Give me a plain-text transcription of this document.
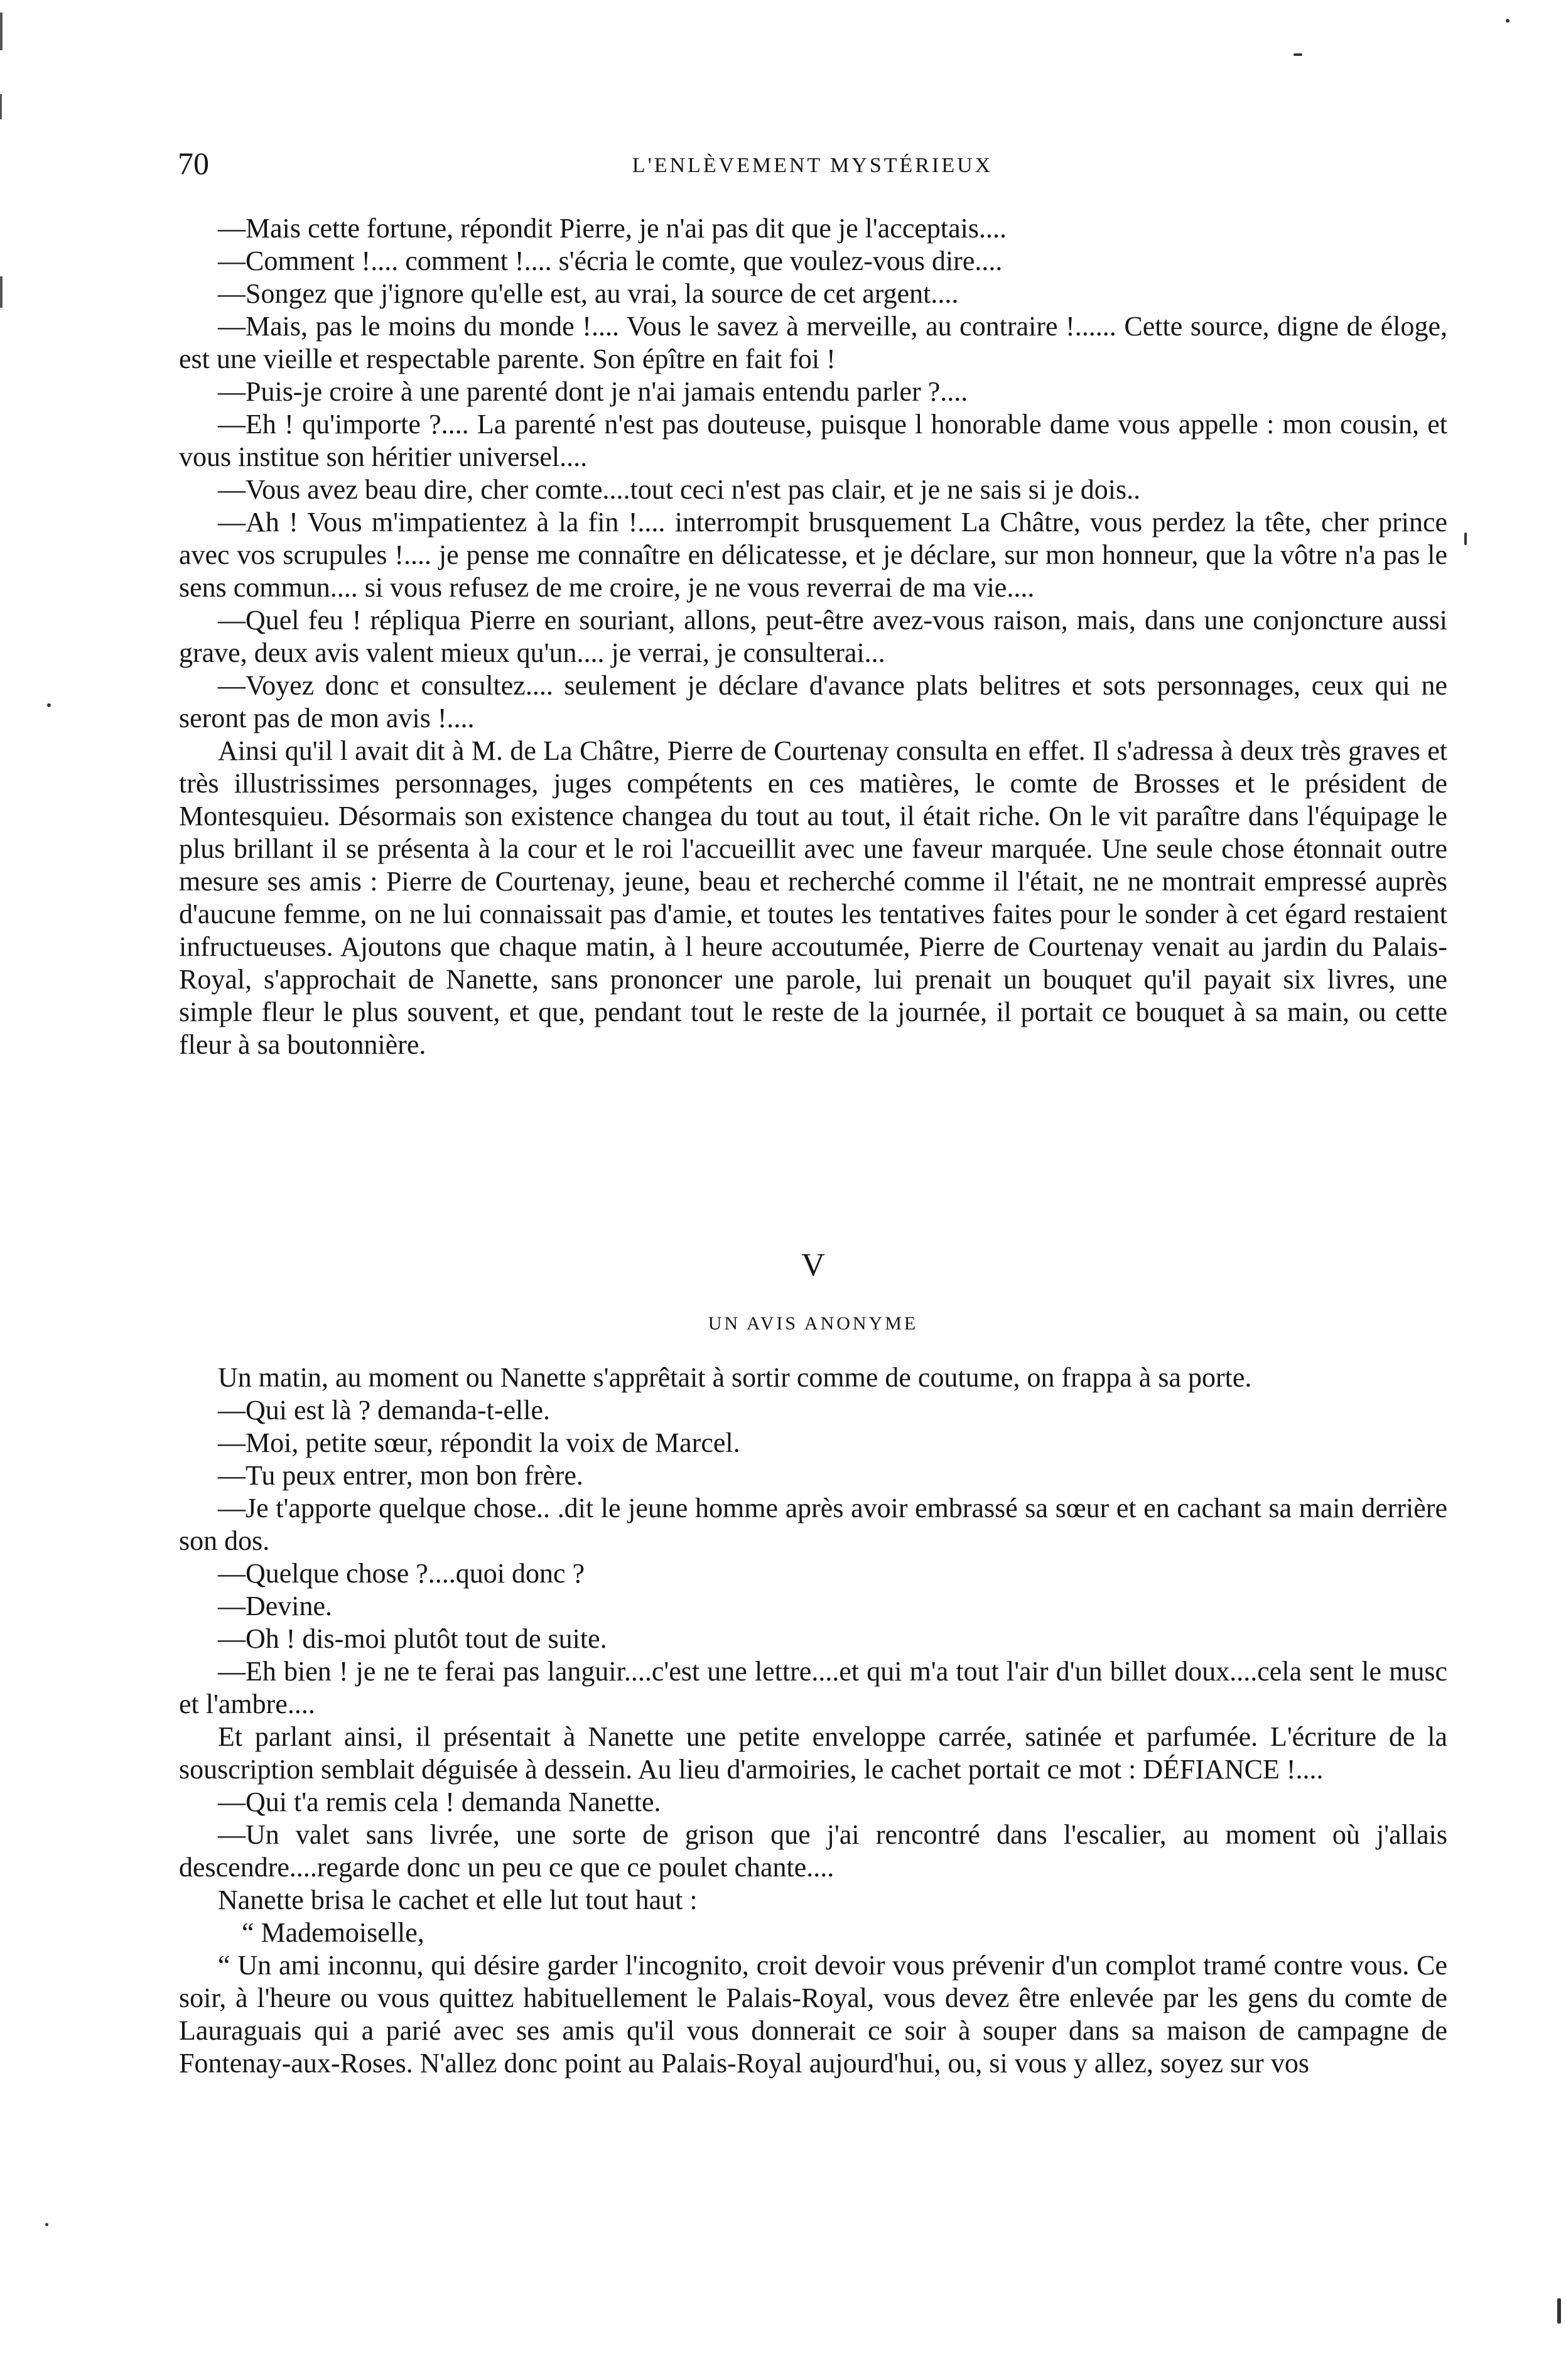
70	L'ENLÈVEMENT MYSTÉRIEUX

—Mais cette fortune, répondit Pierre, je n'ai pas dit que je l'acceptais....

—Comment !.... comment !.... s'écria le comte, que voulez-vous dire....

—Songez que j'ignore qu'elle est, au vrai, la source de cet argent....

—Mais, pas le moins du monde !.... Vous le savez à merveille, au contraire !...... Cette source, digne de éloge, est une vieille et respectable parente. Son épître en fait foi !

—Puis-je croire à une parenté dont je n'ai jamais entendu parler ?....

—Eh ! qu'importe ?.... La parenté n'est pas douteuse, puisque l honorable dame vous appelle : mon cousin, et vous institue son héritier universel....

—Vous avez beau dire, cher comte....tout ceci n'est pas clair, et je ne sais si je dois..

—Ah ! Vous m'impatientez à la fin !.... interrompit brusquement La Châtre, vous perdez la tête, cher prince avec vos scrupules !.... je pense me connaître en délicatesse, et je déclare, sur mon honneur, que la vôtre n'a pas le sens commun.... si vous refusez de me croire, je ne vous reverrai de ma vie....

—Quel feu ! répliqua Pierre en souriant, allons, peut-être avez-vous raison, mais, dans une conjoncture aussi grave, deux avis valent mieux qu'un.... je verrai, je consulterai...

—Voyez donc et consultez.... seulement je déclare d'avance plats belitres et sots personnages, ceux qui ne seront pas de mon avis !....

Ainsi qu'il l avait dit à M. de La Châtre, Pierre de Courtenay consulta en effet. Il s'adressa à deux très graves et très illustrissimes personnages, juges compétents en ces matières, le comte de Brosses et le président de Montesquieu. Désormais son existence changea du tout au tout, il était riche. On le vit paraître dans l'équipage le plus brillant il se présenta à la cour et le roi l'accueillit avec une faveur marquée. Une seule chose étonnait outre mesure ses amis : Pierre de Courtenay, jeune, beau et recherché comme il l'était, ne ne montrait empressé auprès d'aucune femme, on ne lui connaissait pas d'amie, et toutes les tentatives faites pour le sonder à cet égard restaient infructueuses. Ajoutons que chaque matin, à l heure accoutumée, Pierre de Courtenay venait au jardin du Palais-Royal, s'approchait de Nanette, sans prononcer une parole, lui prenait un bouquet qu'il payait six livres, une simple fleur le plus souvent, et que, pendant tout le reste de la journée, il portait ce bouquet à sa main, ou cette fleur à sa boutonnière.

V
UN AVIS ANONYME

Un matin, au moment ou Nanette s'apprêtait à sortir comme de coutume, on frappa à sa porte.

—Qui est là ? demanda-t-elle.

—Moi, petite sœur, répondit la voix de Marcel.

—Tu peux entrer, mon bon frère.

—Je t'apporte quelque chose.. .dit le jeune homme après avoir embrassé sa sœur et en cachant sa main derrière son dos.

—Quelque chose ?....quoi donc ?

—Devine.

—Oh ! dis-moi plutôt tout de suite.

—Eh bien ! je ne te ferai pas languir....c'est une lettre....et qui m'a tout l'air d'un billet doux....cela sent le musc et l'ambre....

Et parlant ainsi, il présentait à Nanette une petite enveloppe carrée, satinée et parfumée. L'écriture de la souscription semblait déguisée à dessein. Au lieu d'armoiries, le cachet portait ce mot : DÉFIANCE !....

—Qui t'a remis cela ! demanda Nanette.

—Un valet sans livrée, une sorte de grison que j'ai rencontré dans l'escalier, au moment où j'allais descendre....regarde donc un peu ce que ce poulet chante....

Nanette brisa le cachet et elle lut tout haut :

“ Mademoiselle,

“ Un ami inconnu, qui désire garder l'incognito, croit devoir vous prévenir d'un complot tramé contre vous. Ce soir, à l'heure ou vous quittez habituellement le Palais-Royal, vous devez être enlevée par les gens du comte de Lauraguais qui a parié avec ses amis qu'il vous donnerait ce soir à souper dans sa maison de campagne de Fontenay-aux-Roses. N'allez donc point au Palais-Royal aujourd'hui, ou, si vous y allez, soyez sur vos
